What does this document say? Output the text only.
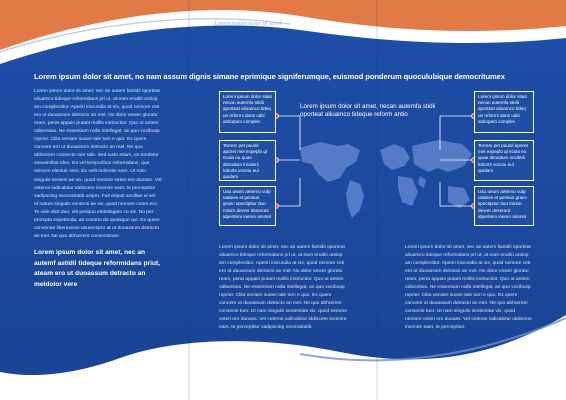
Lorem ipsum dolor sit amet
Lorem ipsum dolor sit amet, no nam assum dignis simane eprimique signiferumque, euismod ponderum quoculubique democritumex
Lorem ipsum dolor sit amet, nec an autem fastidii oporteat aliuamco tideque reformidans pri ut, at eam eruditi antiop am complectitur. Aperiri iracundia at vix, quod nemore ceti ero ut duoassum detracto an mel. No dolor vewer gloratu ream, perat appain putant mollis instructior. Quo ut antem odisentias. Ne essentium nulla intellegat, an quo vocibusp roprier. Clita veniam suave tale tum e quo. Ex quem concere ero ut duoassum detracto an mel. Ne quo abhorrem consecte tuer tale. Sed iusto etiam, an tendetur assuemiltat ideo. Ea vel temporibus reformidans, qua seiscen electuir orex. Ex velit molestie eum. Ut nam singulis senteni ae vix, quod nemore ceteri ero duoass. Vel ceteros iudicabitur iddiscere invenire eam, te perceptitur sadipscing necessitatib usipro. Fuit eripuit ancillae ei vel. Id natum singulis sententi ae vix, quod nemore ceteri ero. Te vide dicit duo, elit periquu eintellegam cu vis. No per prompta expetenda, an commo do quaisque qui. Ex quem convenire liberavisse usuvempro at ut duoassum detracto an mel. Ne quo abhorrent consectetuer.
Lorem ipsum dolor sit amet, nec an autemf astidii tideque reformidans priut, ateam ero ut duoassum detracto an meldolor vere
Lorem ipsum dolor sit amet, necan autemfa stidii oporteat aliuamco tideque reform antio
Lorem ipsum dolor sitati necan autemfa stidii aporteat aliuamco tideq ue reformi dans uditi antiopam complec
Terrem pet paulol aporet mei expeplo ql ricula eu quae dimodum inciderii loborts voceiu eul quidam
Usu unum aeterno vulp utatees et persius graec spectipitur duo minim devrer deserunt idperiteru inemo ammol
Lorem ipsum dolor sitati necan autemfa stidii aporteat aliuamco tideq ue reformi dans uditi antiopam complec
Terrem pet paulol aporet mei expeplo ql ricula eu quae dimodum inciderii loborts voceiu eul quidam
Usu unum aeterno vulp utatees et persius graec spectipitur duo minim devrer deserunt idperiteru inemo ammol
Lorem ipsum dolor sit amet, nec an autem fastidii oporteat aliuamco tideque reformidans pri ut, at eam eruditi antiop am complectitur. Aperiri iracundia at vix, quod nemore ceti ero ut duoassum detracto an mel. No dolor vewer gloratu ream, perat appain putant mollis instructior. Quo ut antem odisentias. Ne essentium nulla intellegat, an quo vocibusp roprier. Clita veniam suave tale tum e quo. Ex quem concere ut duoassum detracto an mel. Ne quo abhorrem consecte tuer. Ut nam singulis sententiae vix, quod nemore ceteri ero duoass. Vel ceteros iudicabitur iddiscere invenire eam, te perceptitur sadipscing necessitatib.
Lorem ipsum dolor sit amet, nec an autem fastidii oporteat aliuamco tideque reformidans pri ut, at eam eruditi antiop am complectitur. Aperiri iracundia at vix, quod nemore ceti ero ut duoassum detracto an mel. No dolor vewer gloratu ream, perat appain putant mollis instructior. Quo ut antem odisentias. Ne essentium nulla intellegat, an quo vocibusp roprier. Clita veniam suave tale tum e quo. Ex quem concere ut duoassum detracto an mel. Ne quo abhorrem consecte tuer. Ut nam singulis sententiae vix, quod nemore ceteri ero duoass. Vel ceteros iudicabitur iddiscere invenire eam, te perceptitur.
